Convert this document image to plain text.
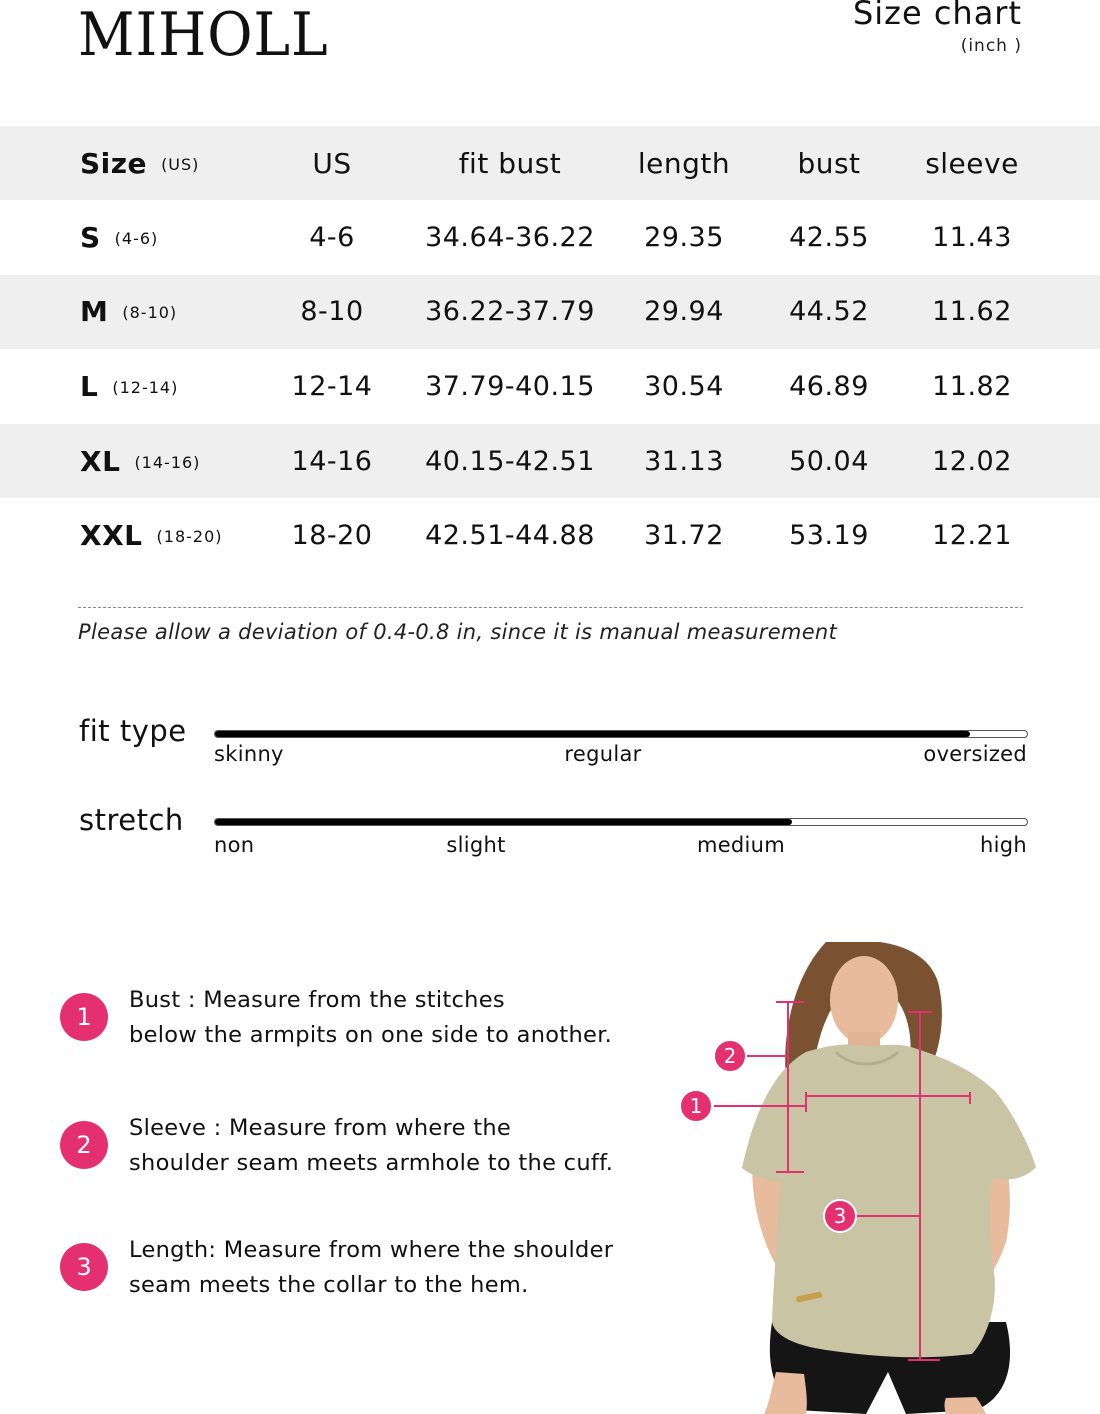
MIHOLL	Size chart
(inch )
Size (US)	US	fit bust	length	bust	sleeve
S (4-6)	4-6	34.64-36.22	29.35	42.55	11.43
M (8-10)	8-10	36.22-37.79	29.94	44.52	11.62
L (12-14)	12-14	37.79-40.15	30.54	46.89	11.82
XL (14-16)	14-16	40.15-42.51	31.13	50.04	12.02
XXL (18-20)	18-20	42.51-44.88	31.72	53.19	12.21
Please allow a deviation of 0.4-0.8 in, since it is manual measurement
fit type
skinny	regular	oversized
stretch
non	slight	medium	high
1
Bust : Measure from the stitches
below the armpits on one side to another.
2
Sleeve : Measure from where the
shoulder seam meets armhole to the cuff.
3
Length: Measure from where the shoulder
seam meets the collar to the hem.
2
1
3
